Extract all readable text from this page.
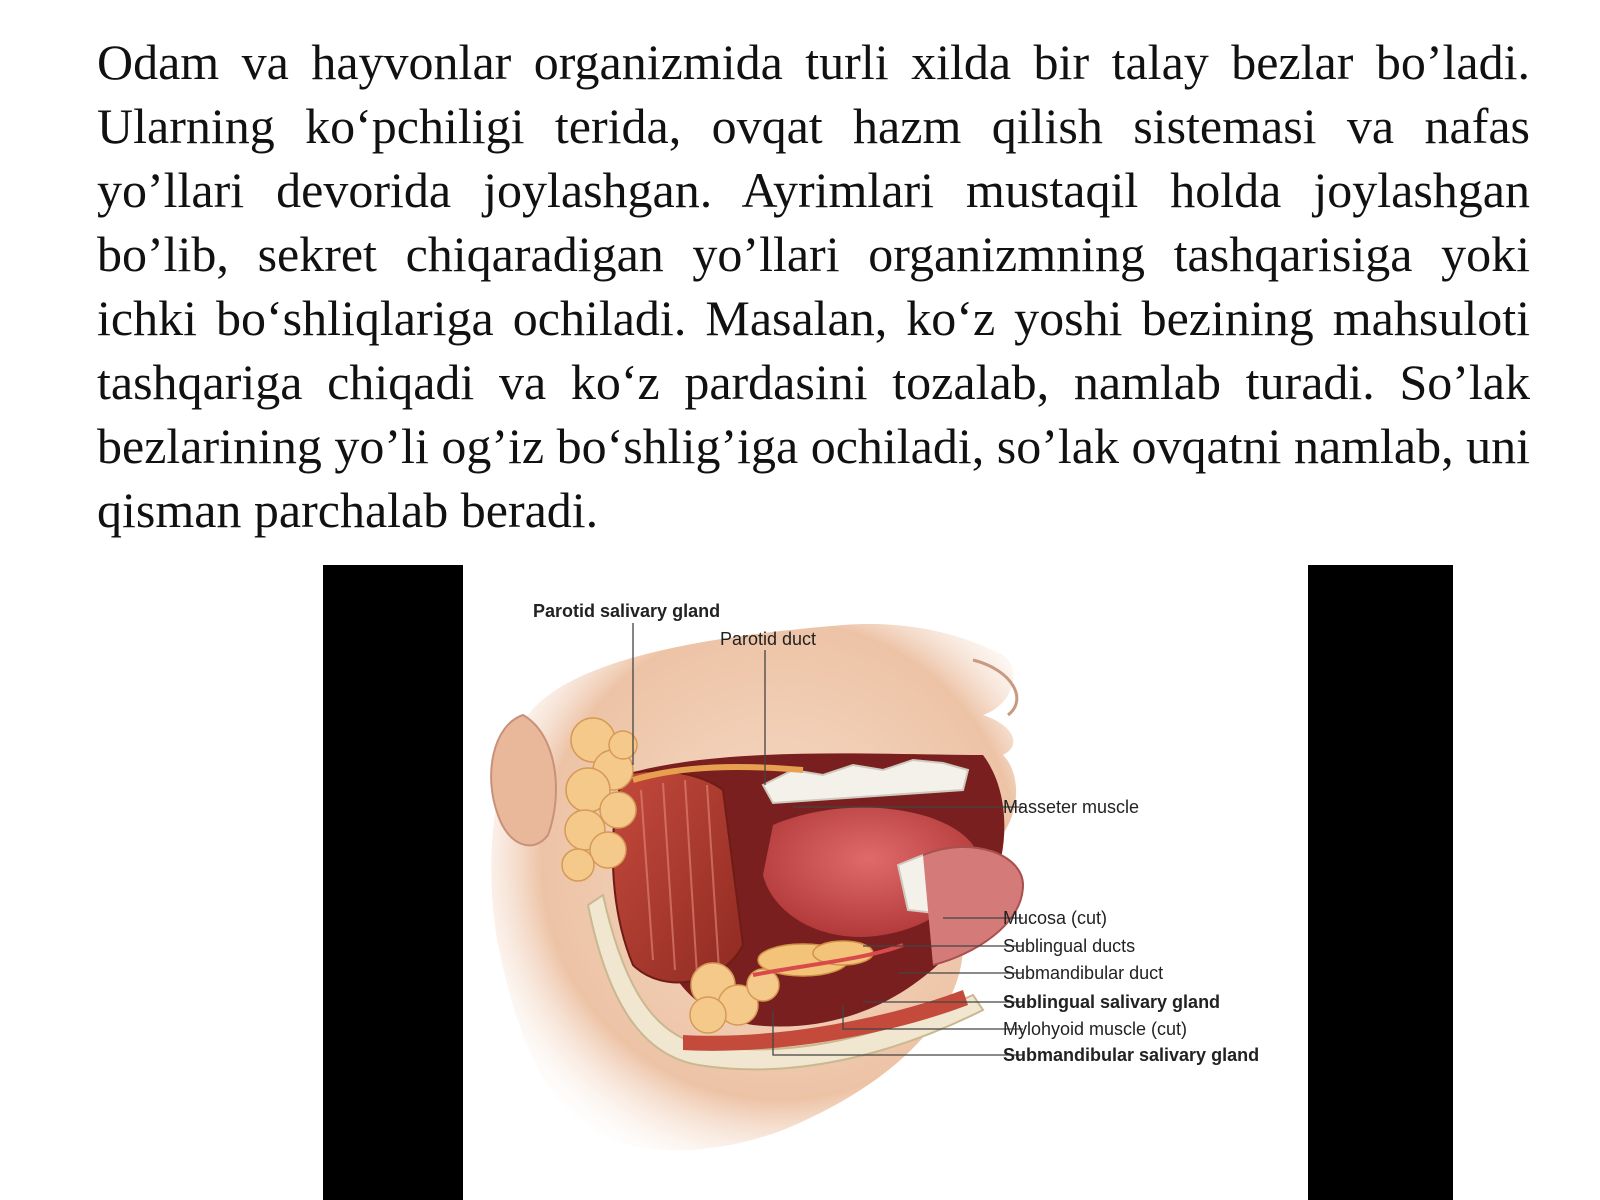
Odam va hayvonlar organizmida turli xilda bir talay bezlar bo’ladi. Ularning ko‘pchiligi terida, ovqat hazm qilish sistemasi va nafas yo’llari devorida joylashgan. Ayrimlari mustaqil holda joylashgan bo’lib, sekret chiqaradigan yo’llari organizmning tashqarisiga yoki ichki bo‘shliqlariga ochiladi. Masalan, ko‘z yoshi bezining mahsuloti tashqariga chiqadi va ko‘z pardasini tozalab, namlab turadi. So’lak bezlarining yo’li og’iz bo‘shlig’iga ochiladi, so’lak ovqatni namlab, uni qisman parchalab beradi.

Parotid salivary gland
Parotid duct
Masseter muscle
Mucosa (cut)
Sublingual ducts
Submandibular duct
Sublingual salivary gland
Mylohyoid muscle (cut)
Submandibular salivary gland
